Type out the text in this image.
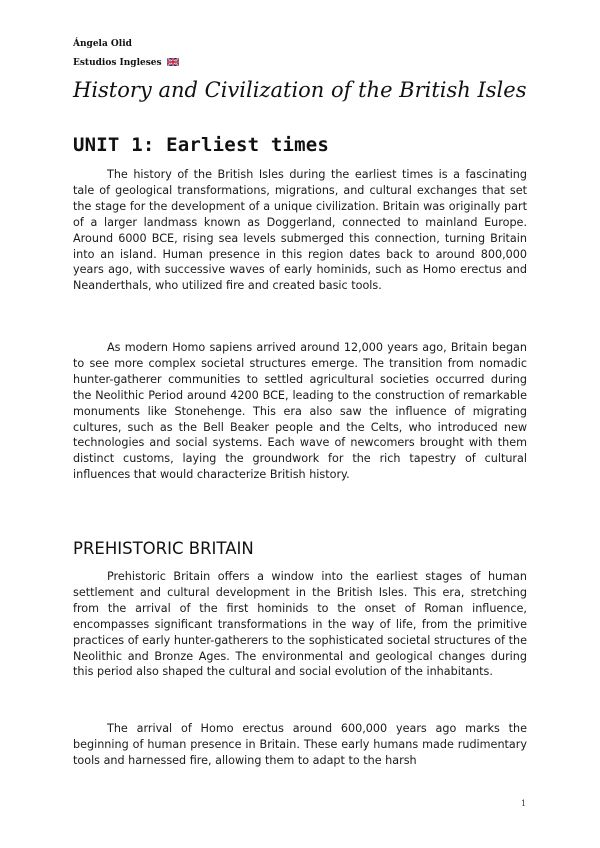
Ángela Olid
Estudios Ingleses
History and Civilization of the British Isles
UNIT 1: Earliest times

The history of the British Isles during the earliest times is a fascinating tale of geological transformations, migrations, and cultural exchanges that set the stage for the development of a unique civilization. Britain was originally part of a larger landmass known as Doggerland, connected to mainland Europe. Around 6000 BCE, rising sea levels submerged this connection, turning Britain into an island. Human presence in this region dates back to around 800,000 years ago, with successive waves of early hominids, such as Homo erectus and Neanderthals, who utilized fire and created basic tools.

As modern Homo sapiens arrived around 12,000 years ago, Britain began to see more complex societal structures emerge. The transition from nomadic hunter-gatherer communities to settled agricultural societies occurred during the Neolithic Period around 4200 BCE, leading to the construction of remarkable monuments like Stonehenge. This era also saw the influence of migrating cultures, such as the Bell Beaker people and the Celts, who introduced new technologies and social systems. Each wave of newcomers brought with them distinct customs, laying the groundwork for the rich tapestry of cultural influences that would characterize British history.

PREHISTORIC BRITAIN

Prehistoric Britain offers a window into the earliest stages of human settlement and cultural development in the British Isles. This era, stretching from the arrival of the first hominids to the onset of Roman influence, encompasses significant transformations in the way of life, from the primitive practices of early hunter-gatherers to the sophisticated societal structures of the Neolithic and Bronze Ages. The environmental and geological changes during this period also shaped the cultural and social evolution of the inhabitants.

The arrival of Homo erectus around 600,000 years ago marks the beginning of human presence in Britain. These early humans made rudimentary tools and harnessed fire, allowing them to adapt to the harsh

1
